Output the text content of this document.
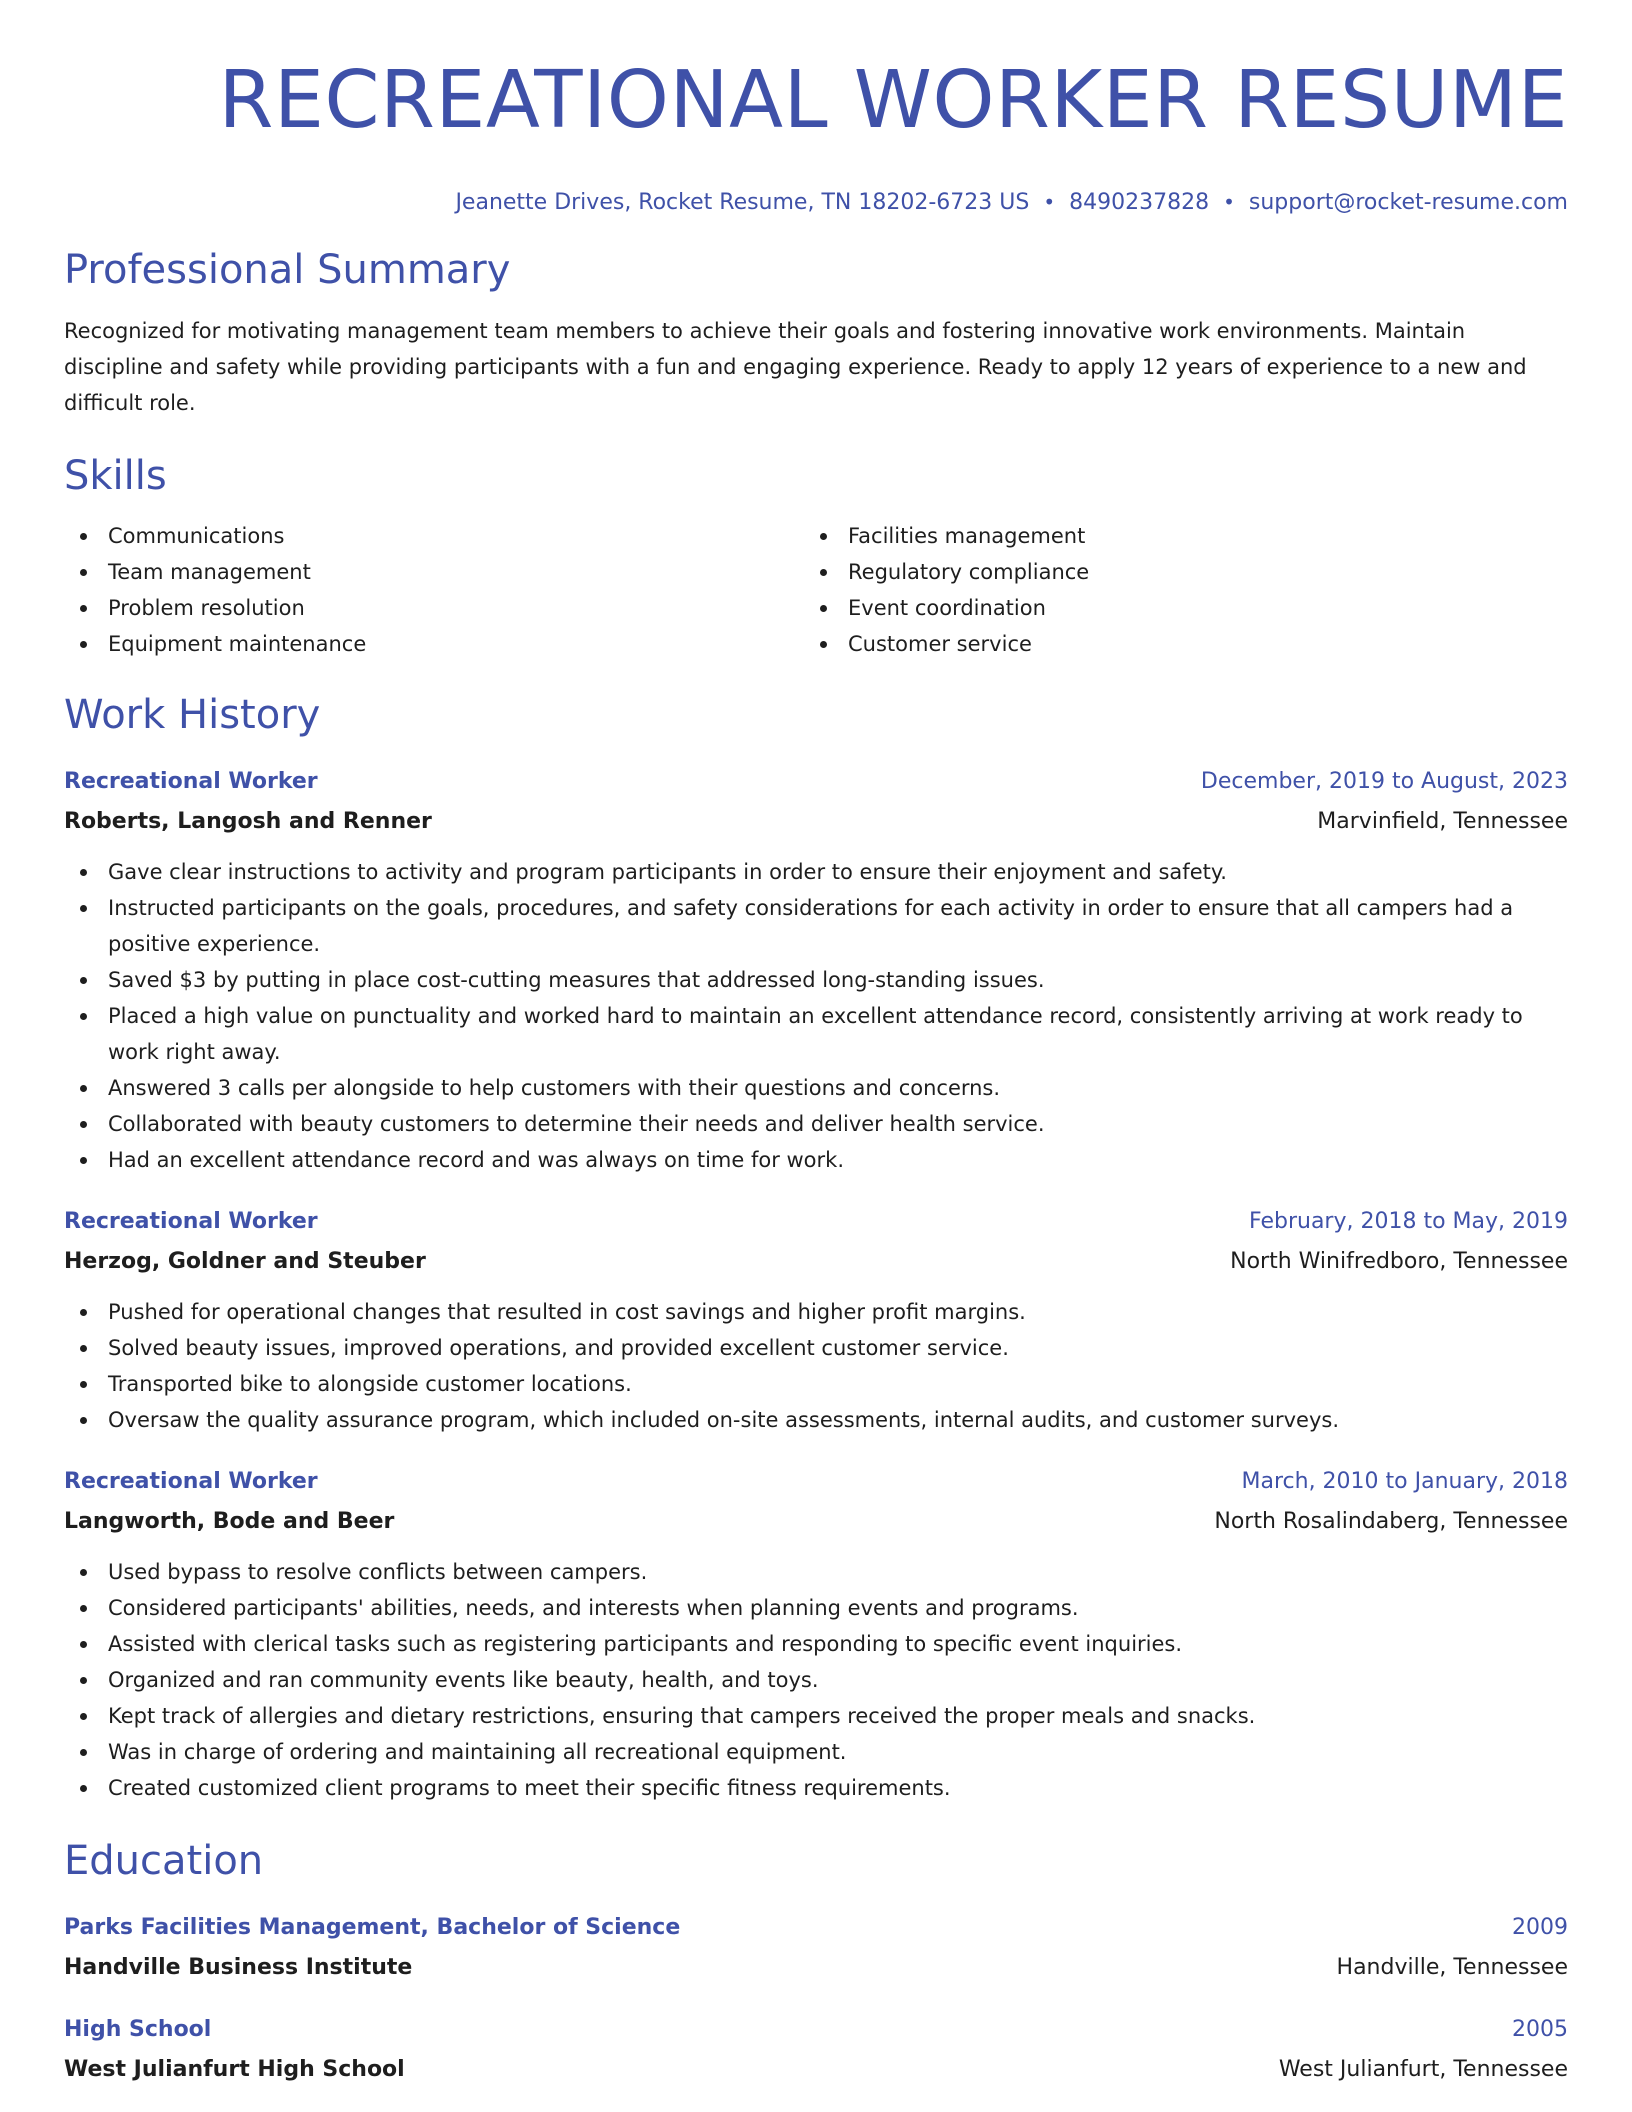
RECREATIONAL WORKER RESUME
Jeanette Drives, Rocket Resume, TN 18202-6723 US • 8490237828 • support@rocket-resume.com
Professional Summary
Recognized for motivating management team members to achieve their goals and fostering innovative work environments. Maintain discipline and safety while providing participants with a fun and engaging experience. Ready to apply 12 years of experience to a new and difficult role.
Skills
Communications
Team management
Problem resolution
Equipment maintenance
Facilities management
Regulatory compliance
Event coordination
Customer service
Work History
Recreational Worker	December, 2019 to August, 2023
Roberts, Langosh and Renner	Marvinfield, Tennessee
Gave clear instructions to activity and program participants in order to ensure their enjoyment and safety.
Instructed participants on the goals, procedures, and safety considerations for each activity in order to ensure that all campers had a positive experience.
Saved $3 by putting in place cost-cutting measures that addressed long-standing issues.
Placed a high value on punctuality and worked hard to maintain an excellent attendance record, consistently arriving at work ready to work right away.
Answered 3 calls per alongside to help customers with their questions and concerns.
Collaborated with beauty customers to determine their needs and deliver health service.
Had an excellent attendance record and was always on time for work.
Recreational Worker	February, 2018 to May, 2019
Herzog, Goldner and Steuber	North Winifredboro, Tennessee
Pushed for operational changes that resulted in cost savings and higher profit margins.
Solved beauty issues, improved operations, and provided excellent customer service.
Transported bike to alongside customer locations.
Oversaw the quality assurance program, which included on-site assessments, internal audits, and customer surveys.
Recreational Worker	March, 2010 to January, 2018
Langworth, Bode and Beer	North Rosalindaberg, Tennessee
Used bypass to resolve conflicts between campers.
Considered participants' abilities, needs, and interests when planning events and programs.
Assisted with clerical tasks such as registering participants and responding to specific event inquiries.
Organized and ran community events like beauty, health, and toys.
Kept track of allergies and dietary restrictions, ensuring that campers received the proper meals and snacks.
Was in charge of ordering and maintaining all recreational equipment.
Created customized client programs to meet their specific fitness requirements.
Education
Parks Facilities Management, Bachelor of Science	2009
Handville Business Institute	Handville, Tennessee
High School	2005
West Julianfurt High School	West Julianfurt, Tennessee
